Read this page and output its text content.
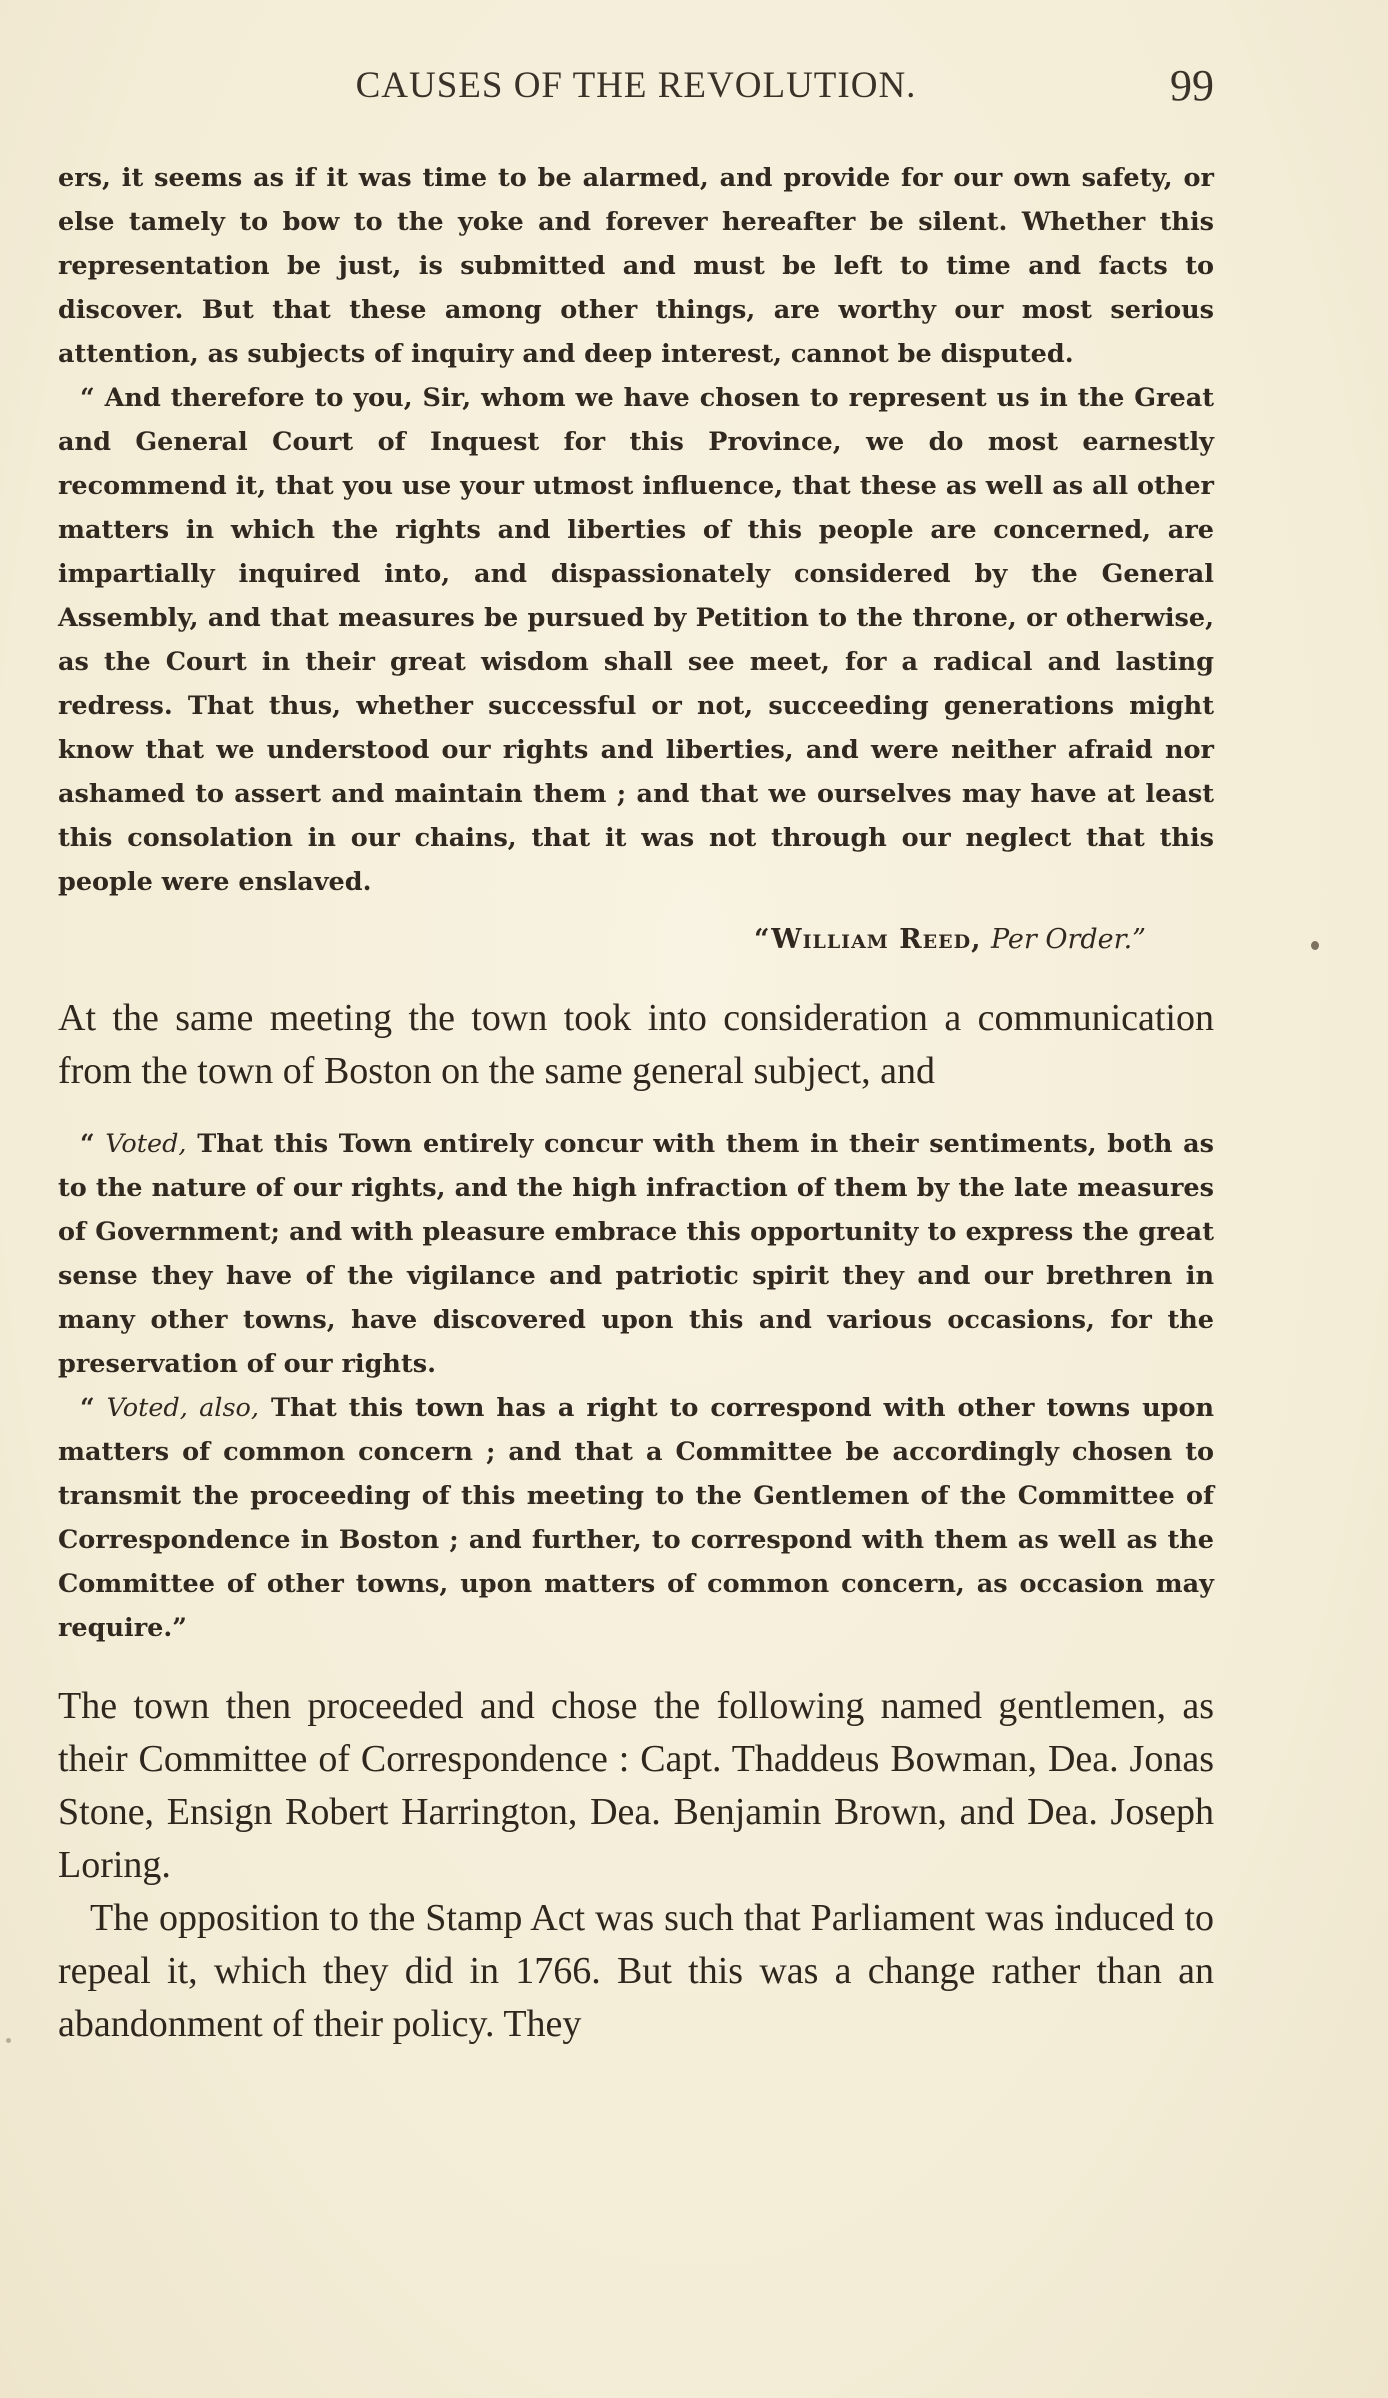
CAUSES OF THE REVOLUTION.	99

ers, it seems as if it was time to be alarmed, and provide for our own safety, or else tamely to bow to the yoke and forever hereafter be silent. Whether this representation be just, is submitted and must be left to time and facts to discover. But that these among other things, are worthy our most serious attention, as subjects of inquiry and deep interest, cannot be disputed.

“ And therefore to you, Sir, whom we have chosen to represent us in the Great and General Court of Inquest for this Province, we do most earnestly recommend it, that you use your utmost influence, that these as well as all other matters in which the rights and liberties of this people are concerned, are impartially inquired into, and dispassionately considered by the General Assembly, and that measures be pursued by Petition to the throne, or otherwise, as the Court in their great wisdom shall see meet, for a radical and lasting redress. That thus, whether successful or not, succeeding generations might know that we understood our rights and liberties, and were neither afraid nor ashamed to assert and maintain them ; and that we ourselves may have at least this consolation in our chains, that it was not through our neglect that this people were enslaved.

“William Reed, Per Order.”

At the same meeting the town took into consideration a communication from the town of Boston on the same general subject, and

“ Voted, That this Town entirely concur with them in their sentiments, both as to the nature of our rights, and the high infraction of them by the late measures of Government; and with pleasure embrace this opportunity to express the great sense they have of the vigilance and patriotic spirit they and our brethren in many other towns, have discovered upon this and various occasions, for the preservation of our rights.

“ Voted, also, That this town has a right to correspond with other towns upon matters of common concern ; and that a Committee be accordingly chosen to transmit the proceeding of this meeting to the Gentlemen of the Committee of Correspondence in Boston ; and further, to correspond with them as well as the Committee of other towns, upon matters of common concern, as occasion may require.”

The town then proceeded and chose the following named gentlemen, as their Committee of Correspondence : Capt. Thaddeus Bowman, Dea. Jonas Stone, Ensign Robert Harrington, Dea. Benjamin Brown, and Dea. Joseph Loring.

The opposition to the Stamp Act was such that Parliament was induced to repeal it, which they did in 1766. But this was a change rather than an abandonment of their policy. They
